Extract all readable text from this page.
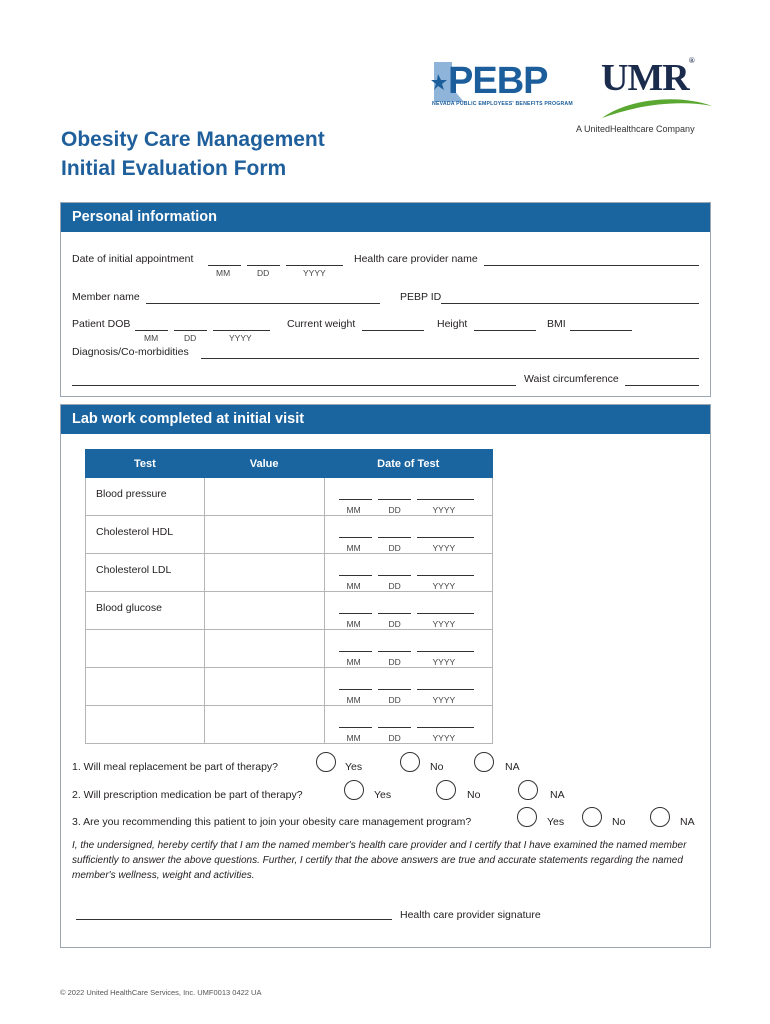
PEBP
NEVADA PUBLIC EMPLOYEES' BENEFITS PROGRAM
UMR®
A UnitedHealthcare Company
Obesity Care Management
Initial Evaluation Form
Personal information
Date of initial appointment
MM	DD	YYYY
Health care provider name
Member name	PEBP ID
Patient DOB
MM	DD	YYYY
Current weight	Height	BMI
Diagnosis/Co-morbidities
Waist circumference
Lab work completed at initial visit
Test	Value	Date of Test
Blood pressure		MM DD YYYY

Cholesterol HDL		MM DD YYYY

Cholesterol LDL		MM DD YYYY

Blood glucose		MM DD YYYY

		MM DD YYYY

		MM DD YYYY

		MM DD YYYY
1. Will meal replacement be part of therapy?	Yes	No	NA
2. Will prescription medication be part of therapy?	Yes	No	NA
3. Are you recommending this patient to join your obesity care management program?	Yes	No	NA
I, the undersigned, hereby certify that I am the named member's health care provider and I certify that I have examined the named member sufficiently to answer the above questions. Further, I certify that the above answers are true and accurate statements regarding the named member's wellness, weight and activities.
Health care provider signature
© 2022 United HealthCare Services, Inc. UMF0013 0422 UA
